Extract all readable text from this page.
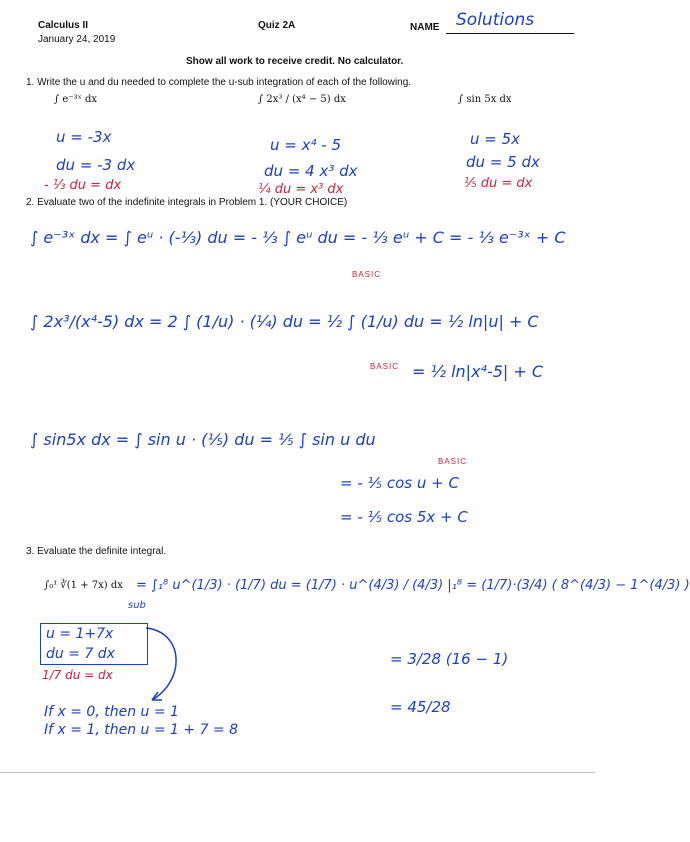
Calculus II
January 24, 2019
Quiz 2A	NAME Solutions
Show all work to receive credit. No calculator.
1. Write the u and du needed to complete the u-sub integration of each of the following.
∫ e⁻³ˣ dx	∫ 2x³ / (x⁴ − 5) dx	∫ sin 5x dx
u = -3x	u = x⁴ - 5	u = 5x
du = -3 dx	du = 4 x³ dx	du = 5 dx
- ⅓ du = dx	¼ du = x³ dx	⅕ du = dx
2. Evaluate two of the indefinite integrals in Problem 1. (YOUR CHOICE)
∫ e⁻³ˣ dx = ∫ eᵘ · (-⅓) du = - ⅓ ∫ eᵘ du = - ⅓ eᵘ + C = - ⅓ e⁻³ˣ + C
BASIC
∫ 2x³/(x⁴-5) dx = 2 ∫ (1/u) · (¼) du = ½ ∫ (1/u) du = ½ ln|u| + C
BASIC = ½ ln|x⁴-5| + C
∫ sin5x dx = ∫ sin u · (⅕) du = ⅕ ∫ sin u du
BASIC
= - ⅕ cos u + C
= - ⅕ cos 5x + C
3. Evaluate the definite integral.
∫₀¹ ∛(1 + 7x) dx = ∫₁⁸ u^(1/3) · (1/7) du = (1/7) · u^(4/3) / (4/3) |₁⁸ = (1/7)·(3/4) ( 8^(4/3) − 1^(4/3) )
sub
u = 1+7x
du = 7 dx
1/7 du = dx
If x = 0, then u = 1
If x = 1, then u = 1 + 7 = 8
= 3/28 (16 − 1)
= 45/28
